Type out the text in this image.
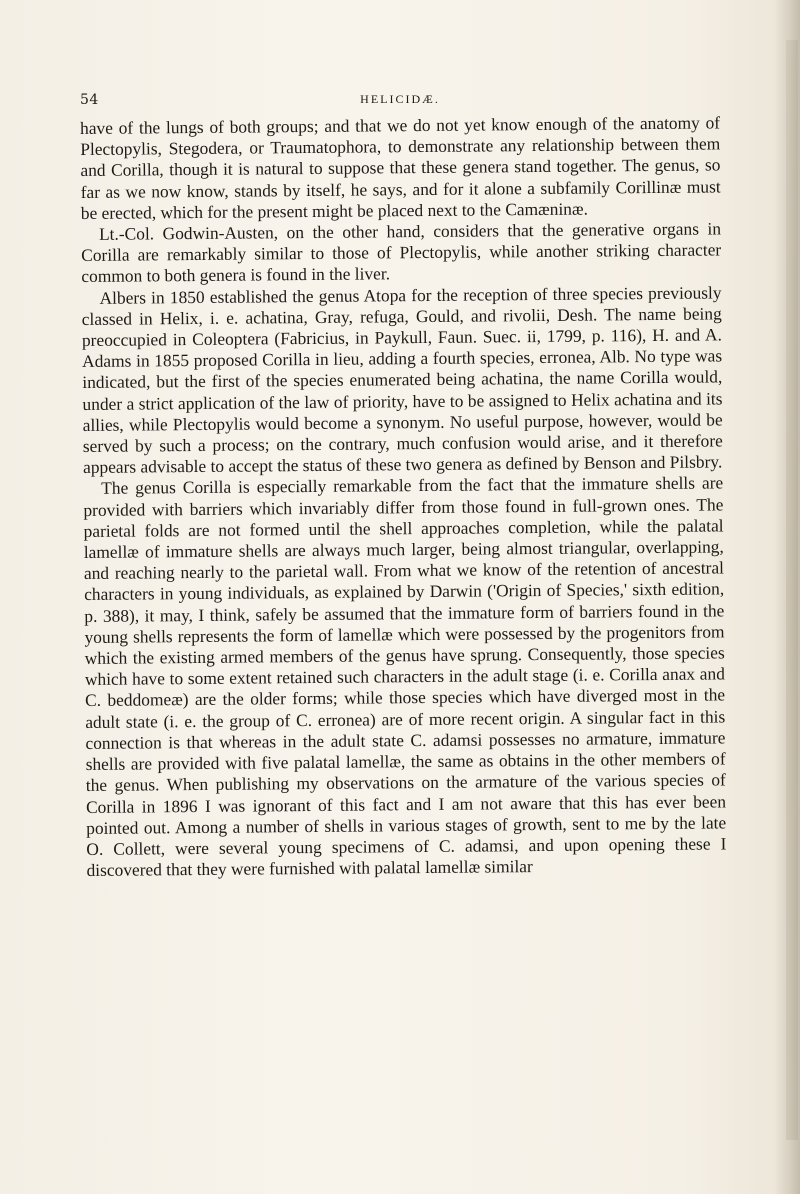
54	HELICIDÆ.

have of the lungs of both groups; and that we do not yet know enough of the anatomy of Plectopylis, Stegodera, or Traumatophora, to demonstrate any relationship between them and Corilla, though it is natural to suppose that these genera stand together. The genus, so far as we now know, stands by itself, he says, and for it alone a subfamily Corillinæ must be erected, which for the present might be placed next to the Camæninæ.

Lt.-Col. Godwin-Austen, on the other hand, considers that the generative organs in Corilla are remarkably similar to those of Plectopylis, while another striking character common to both genera is found in the liver.

Albers in 1850 established the genus Atopa for the reception of three species previously classed in Helix, i. e. achatina, Gray, refuga, Gould, and rivolii, Desh. The name being preoccupied in Coleoptera (Fabricius, in Paykull, Faun. Suec. ii, 1799, p. 116), H. and A. Adams in 1855 proposed Corilla in lieu, adding a fourth species, erronea, Alb. No type was indicated, but the first of the species enumerated being achatina, the name Corilla would, under a strict application of the law of priority, have to be assigned to Helix achatina and its allies, while Plectopylis would become a synonym. No useful purpose, however, would be served by such a process; on the contrary, much confusion would arise, and it therefore appears advisable to accept the status of these two genera as defined by Benson and Pilsbry.

The genus Corilla is especially remarkable from the fact that the immature shells are provided with barriers which invariably differ from those found in full-grown ones. The parietal folds are not formed until the shell approaches completion, while the palatal lamellæ of immature shells are always much larger, being almost triangular, overlapping, and reaching nearly to the parietal wall. From what we know of the retention of ancestral characters in young individuals, as explained by Darwin ('Origin of Species,' sixth edition, p. 388), it may, I think, safely be assumed that the immature form of barriers found in the young shells represents the form of lamellæ which were possessed by the progenitors from which the existing armed members of the genus have sprung. Consequently, those species which have to some extent retained such characters in the adult stage (i. e. Corilla anax and C. beddomeæ) are the older forms; while those species which have diverged most in the adult state (i. e. the group of C. erronea) are of more recent origin. A singular fact in this connection is that whereas in the adult state C. adamsi possesses no armature, immature shells are provided with five palatal lamellæ, the same as obtains in the other members of the genus. When publishing my observations on the armature of the various species of Corilla in 1896 I was ignorant of this fact and I am not aware that this has ever been pointed out. Among a number of shells in various stages of growth, sent to me by the late O. Collett, were several young specimens of C. adamsi, and upon opening these I discovered that they were furnished with palatal lamellæ similar
